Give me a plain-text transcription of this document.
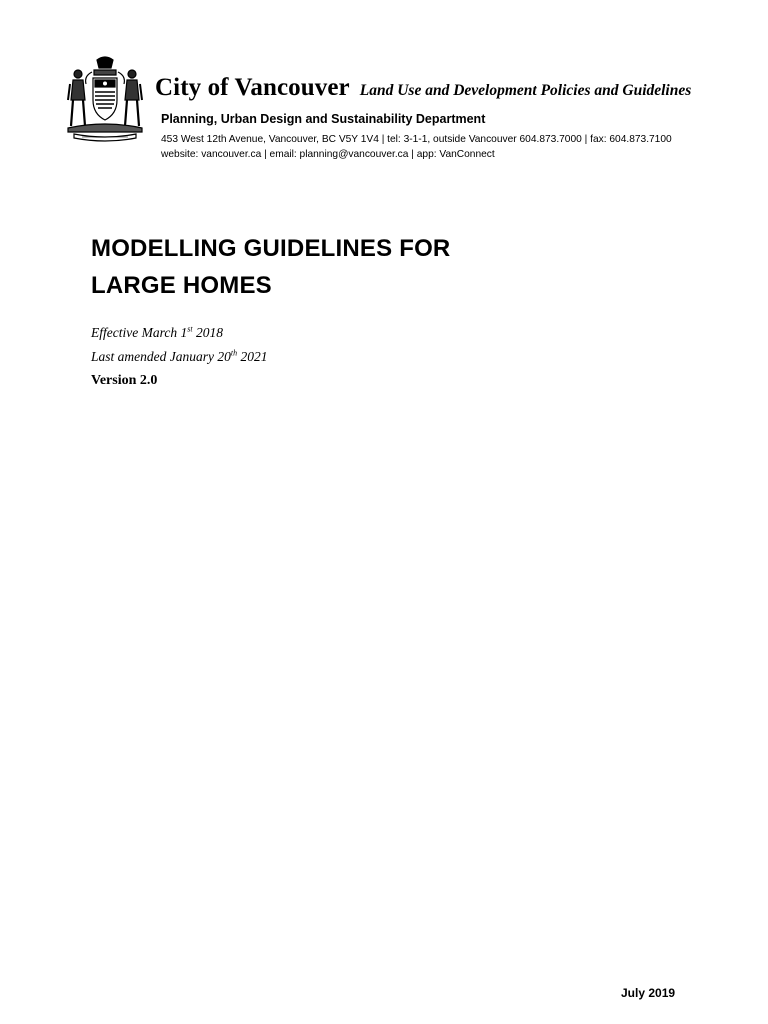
City of Vancouver Land Use and Development Policies and Guidelines
Planning, Urban Design and Sustainability Department
453 West 12th Avenue, Vancouver, BC V5Y 1V4 | tel: 3-1-1, outside Vancouver 604.873.7000 | fax: 604.873.7100
website: vancouver.ca | email: planning@vancouver.ca | app: VanConnect
MODELLING GUIDELINES FOR
LARGE HOMES
Effective March 1st 2018
Last amended January 20th 2021
Version 2.0
July 2019
